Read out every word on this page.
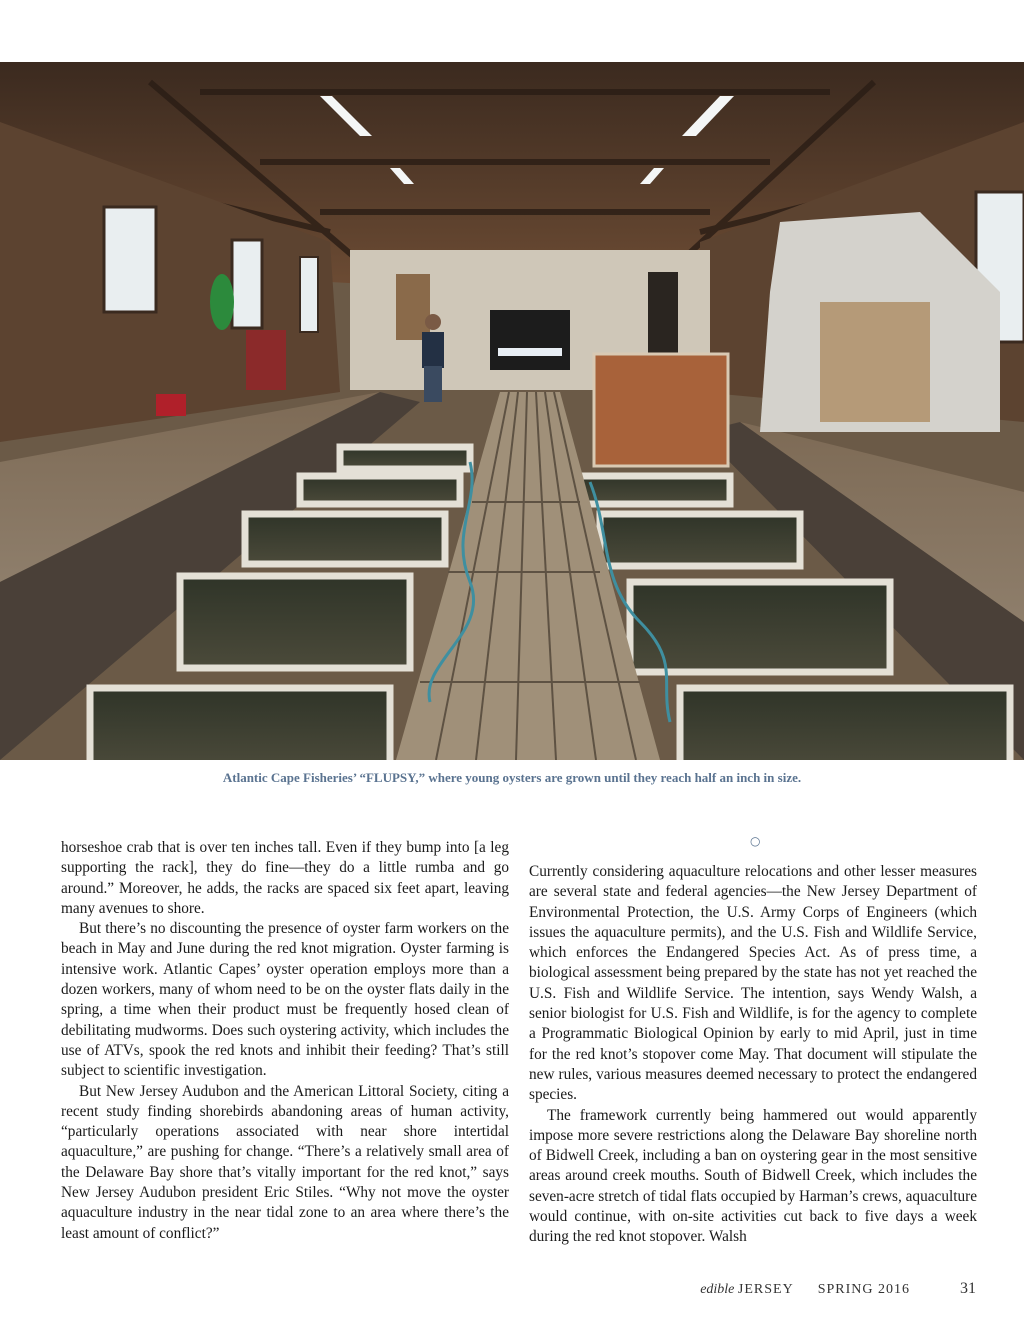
Atlantic Cape Fisheries’ “FLUPSY,” where young oysters are grown until they reach half an inch in size.
○

horseshoe crab that is over ten inches tall. Even if they bump into [a leg supporting the rack], they do fine—they do a little rumba and go around.” Moreover, he adds, the racks are spaced six feet apart, leaving many avenues to shore.

But there’s no discounting the presence of oyster farm workers on the beach in May and June during the red knot migration. Oyster farming is intensive work. Atlantic Capes’ oyster operation employs more than a dozen workers, many of whom need to be on the oyster flats daily in the spring, a time when their product must be frequently hosed clean of debilitating mudworms. Does such oystering activity, which includes the use of ATVs, spook the red knots and inhibit their feeding? That’s still subject to scientific investigation.

But New Jersey Audubon and the American Littoral Society, citing a recent study finding shorebirds abandoning areas of human activity, “particularly operations associated with near shore intertidal aquaculture,” are pushing for change. “There’s a relatively small area of the Delaware Bay shore that’s vitally important for the red knot,” says New Jersey Audubon president Eric Stiles. “Why not move the oyster aquaculture industry in the near tidal zone to an area where there’s the least amount of conflict?”

Currently considering aquaculture relocations and other lesser measures are several state and federal agencies—the New Jersey Department of Environmental Protection, the U.S. Army Corps of Engineers (which issues the aquaculture permits), and the U.S. Fish and Wildlife Service, which enforces the Endangered Species Act. As of press time, a biological assessment being prepared by the state has not yet reached the U.S. Fish and Wildlife Service. The intention, says Wendy Walsh, a senior biologist for U.S. Fish and Wildlife, is for the agency to complete a Programmatic Biological Opinion by early to mid April, just in time for the red knot’s stopover come May. That document will stipulate the new rules, various measures deemed necessary to protect the endangered species.

The framework currently being hammered out would apparently impose more severe restrictions along the Delaware Bay shoreline north of Bidwell Creek, including a ban on oystering gear in the most sensitive areas around creek mouths. South of Bidwell Creek, which includes the seven-acre stretch of tidal flats occupied by Harman’s crews, aquaculture would continue, with on-site activities cut back to five days a week during the red knot stopover. Walsh

edible JERSEY SPRING 2016	31
